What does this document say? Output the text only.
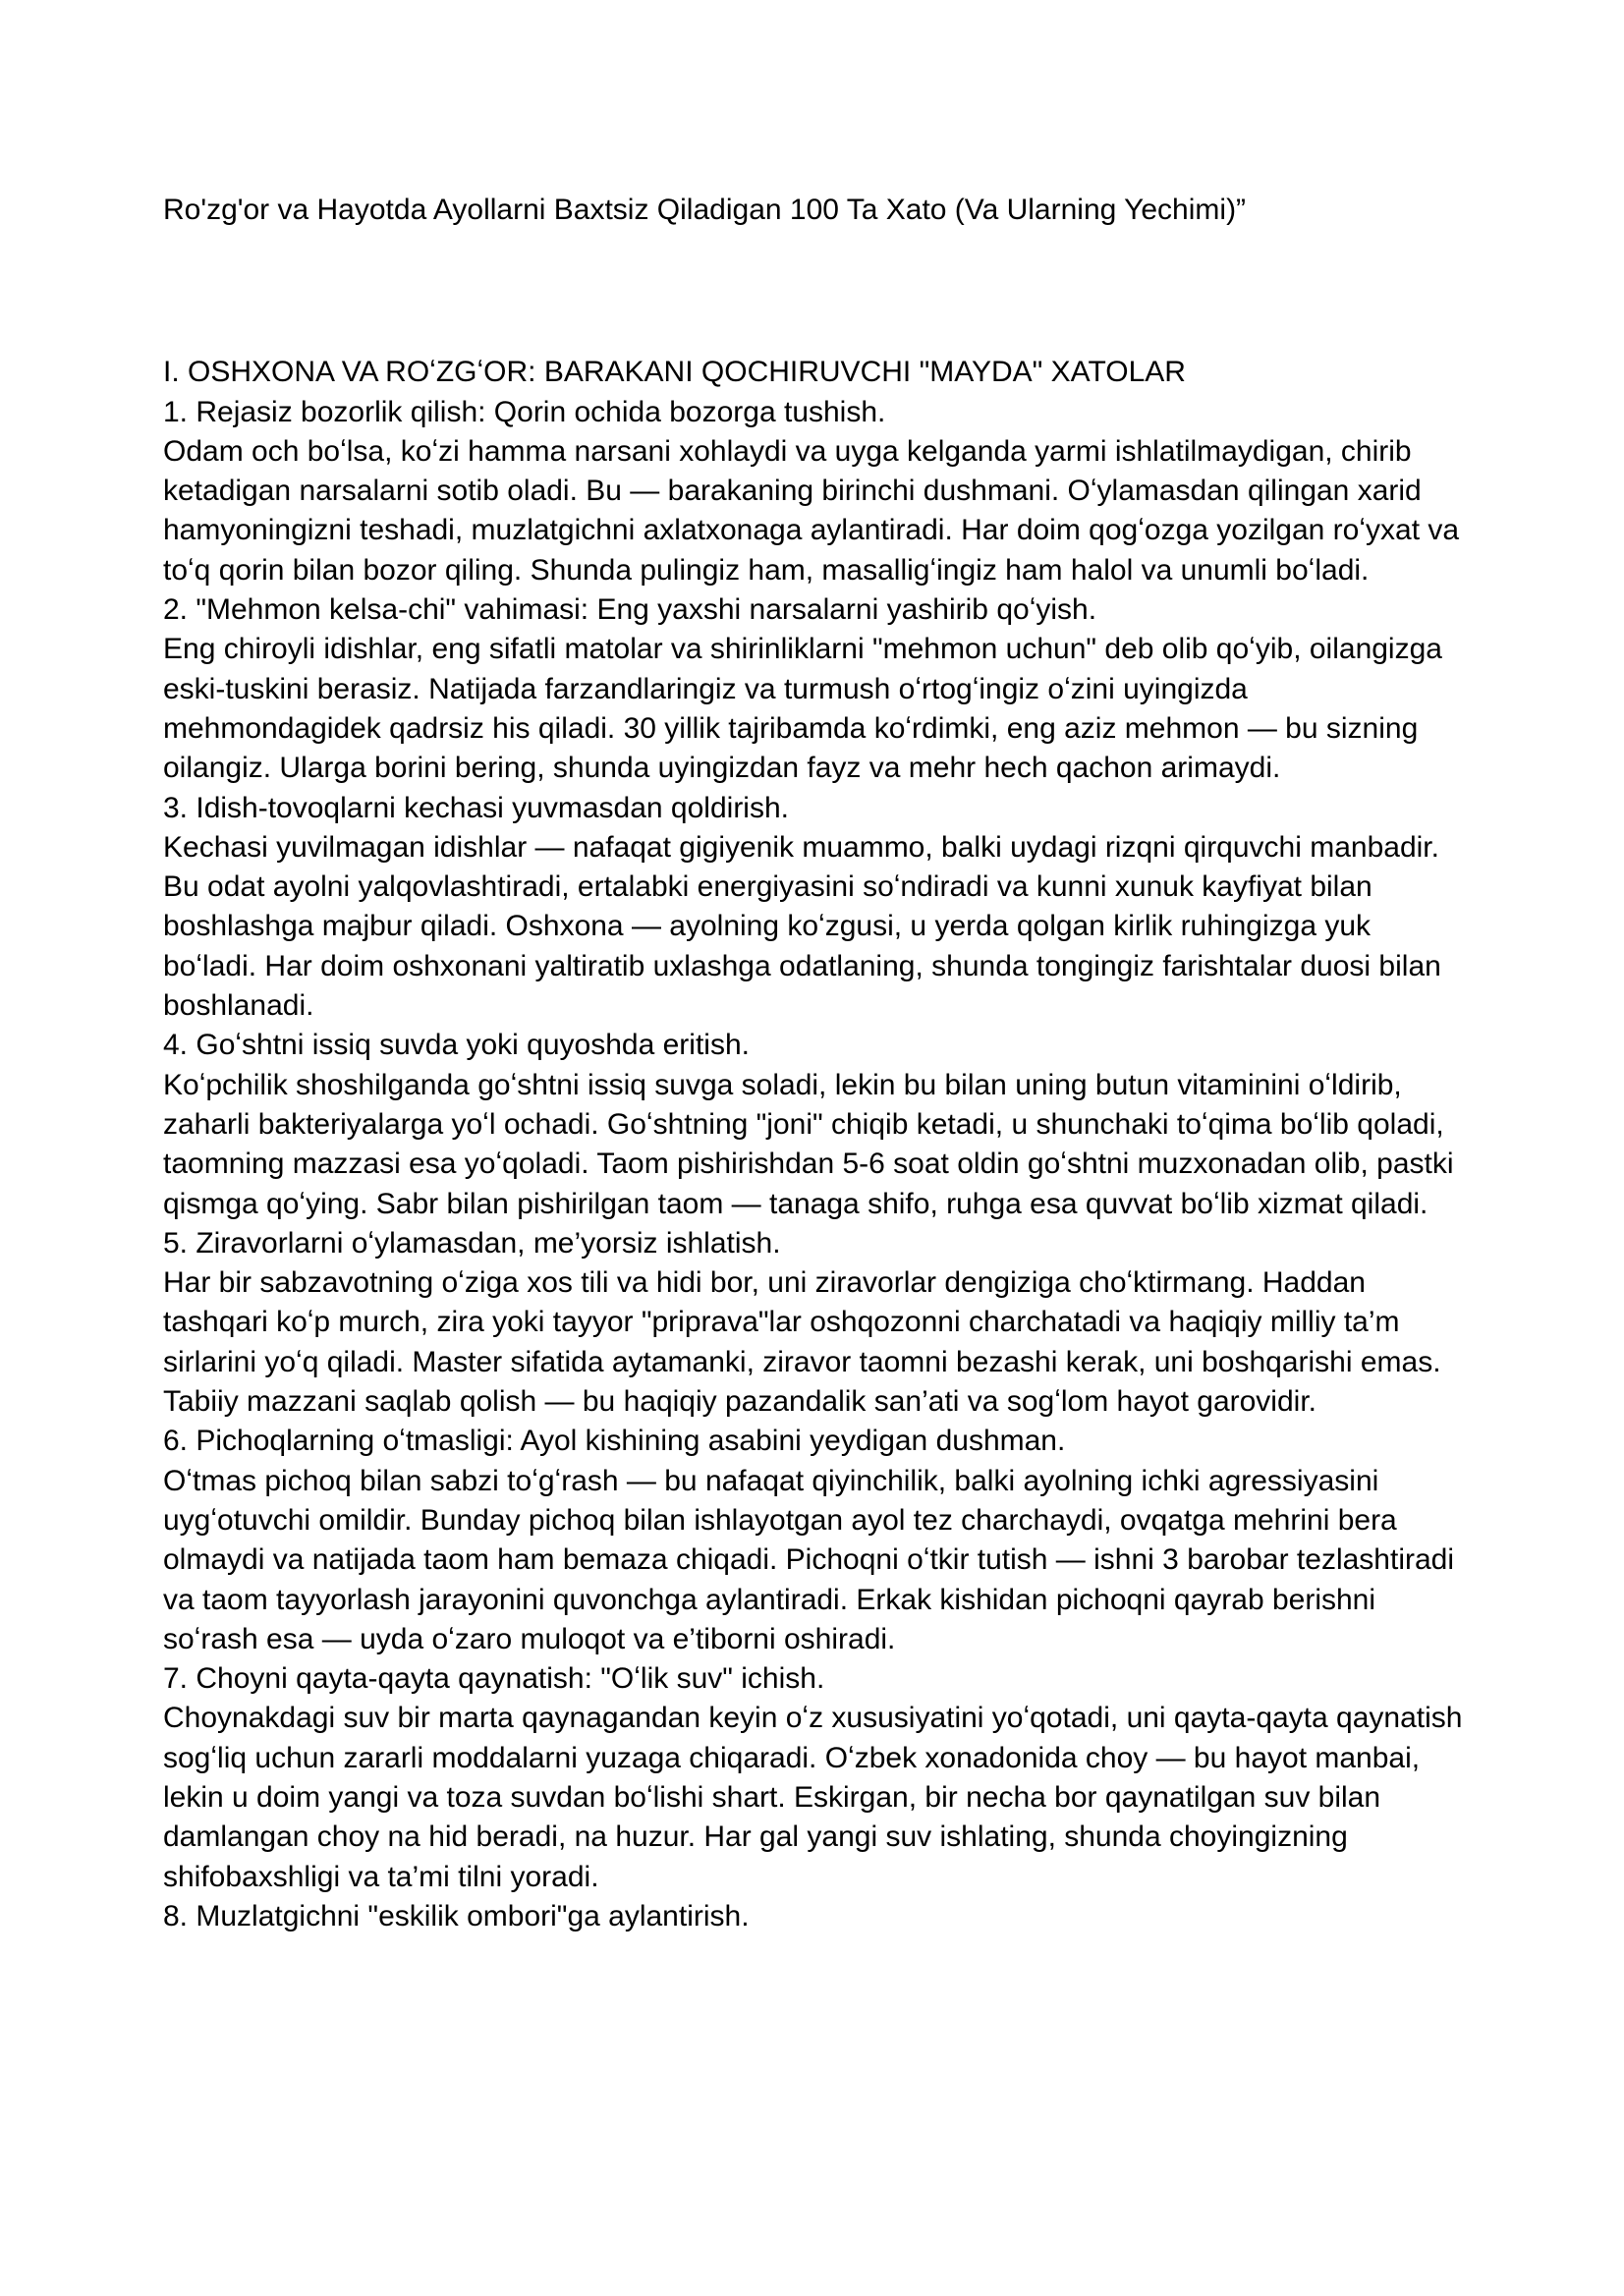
Ro'zg'or va Hayotda Ayollarni Baxtsiz Qiladigan 100 Ta Xato (Va Ularning Yechimi)”

I. OSHXONA VA ROʻZGʻOR: BARAKANI QOCHIRUVCHI "MAYDA" XATOLAR

1. Rejasiz bozorlik qilish: Qorin ochida bozorga tushish.

Odam och boʻlsa, koʻzi hamma narsani xohlaydi va uyga kelganda yarmi ishlatilmaydigan, chirib ketadigan narsalarni sotib oladi. Bu — barakaning birinchi dushmani. Oʻylamasdan qilingan xarid hamyoningizni teshadi, muzlatgichni axlatxonaga aylantiradi. Har doim qogʻozga yozilgan roʻyxat va toʻq qorin bilan bozor qiling. Shunda pulingiz ham, masalligʻingiz ham halol va unumli boʻladi.

2. "Mehmon kelsa-chi" vahimasi: Eng yaxshi narsalarni yashirib qoʻyish.

Eng chiroyli idishlar, eng sifatli matolar va shirinliklarni "mehmon uchun" deb olib qoʻyib, oilangizga eski-tuskini berasiz. Natijada farzandlaringiz va turmush oʻrtogʻingiz oʻzini uyingizda mehmondagidek qadrsiz his qiladi. 30 yillik tajribamda koʻrdimki, eng aziz mehmon — bu sizning oilangiz. Ularga borini bering, shunda uyingizdan fayz va mehr hech qachon arimaydi.

3. Idish-tovoqlarni kechasi yuvmasdan qoldirish.

Kechasi yuvilmagan idishlar — nafaqat gigiyenik muammo, balki uydagi rizqni qirquvchi manbadir. Bu odat ayolni yalqovlashtiradi, ertalabki energiyasini soʻndiradi va kunni xunuk kayfiyat bilan boshlashga majbur qiladi. Oshxona — ayolning koʻzgusi, u yerda qolgan kirlik ruhingizga yuk boʻladi. Har doim oshxonani yaltiratib uxlashga odatlaning, shunda tongingiz farishtalar duosi bilan boshlanadi.

4. Goʻshtni issiq suvda yoki quyoshda eritish.

Koʻpchilik shoshilganda goʻshtni issiq suvga soladi, lekin bu bilan uning butun vitaminini oʻldirib, zaharli bakteriyalarga yoʻl ochadi. Goʻshtning "joni" chiqib ketadi, u shunchaki toʻqima boʻlib qoladi, taomning mazzasi esa yoʻqoladi. Taom pishirishdan 5-6 soat oldin goʻshtni muzxonadan olib, pastki qismga qoʻying. Sabr bilan pishirilgan taom — tanaga shifo, ruhga esa quvvat boʻlib xizmat qiladi.

5. Ziravorlarni oʻylamasdan, me’yorsiz ishlatish.

Har bir sabzavotning oʻziga xos tili va hidi bor, uni ziravorlar dengiziga choʻktirmang. Haddan tashqari koʻp murch, zira yoki tayyor "priprava"lar oshqozonni charchatadi va haqiqiy milliy ta’m sirlarini yoʻq qiladi. Master sifatida aytamanki, ziravor taomni bezashi kerak, uni boshqarishi emas. Tabiiy mazzani saqlab qolish — bu haqiqiy pazandalik san’ati va sogʻlom hayot garovidir.

6. Pichoqlarning oʻtmasligi: Ayol kishining asabini yeydigan dushman.

Oʻtmas pichoq bilan sabzi toʻgʻrash — bu nafaqat qiyinchilik, balki ayolning ichki agressiyasini uygʻotuvchi omildir. Bunday pichoq bilan ishlayotgan ayol tez charchaydi, ovqatga mehrini bera olmaydi va natijada taom ham bemaza chiqadi. Pichoqni oʻtkir tutish — ishni 3 barobar tezlashtiradi va taom tayyorlash jarayonini quvonchga aylantiradi. Erkak kishidan pichoqni qayrab berishni soʻrash esa — uyda oʻzaro muloqot va e’tiborni oshiradi.

7. Choyni qayta-qayta qaynatish: "Oʻlik suv" ichish.

Choynakdagi suv bir marta qaynagandan keyin oʻz xususiyatini yoʻqotadi, uni qayta-qayta qaynatish sogʻliq uchun zararli moddalarni yuzaga chiqaradi. Oʻzbek xonadonida choy — bu hayot manbai, lekin u doim yangi va toza suvdan boʻlishi shart. Eskirgan, bir necha bor qaynatilgan suv bilan damlangan choy na hid beradi, na huzur. Har gal yangi suv ishlating, shunda choyingizning shifobaxshligi va ta’mi tilni yoradi.

8. Muzlatgichni "eskilik ombori"ga aylantirish.
